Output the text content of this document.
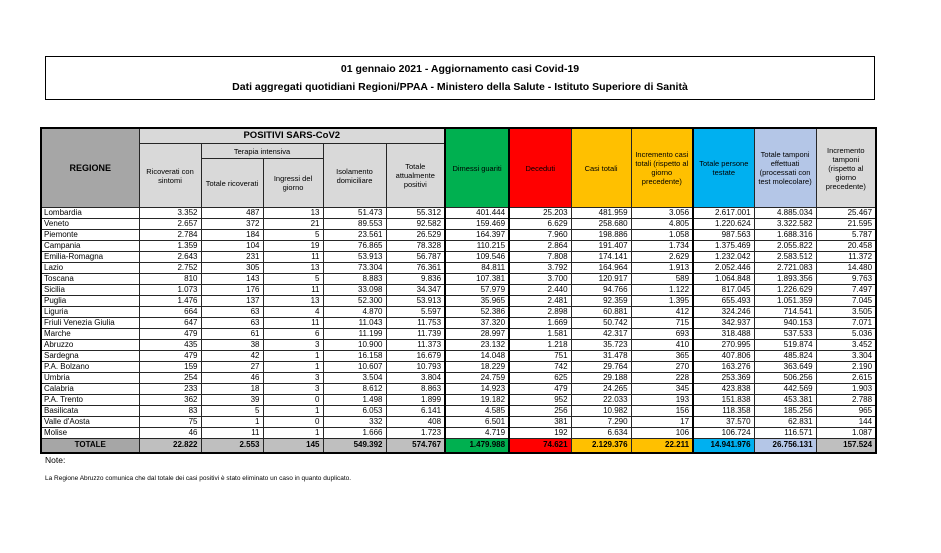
01 gennaio 2021 - Aggiornamento casi Covid-19
Dati aggregati quotidiani Regioni/PPAA - Ministero della Salute - Istituto Superiore di Sanità
REGIONE	POSITIVI SARS-CoV2					Dimessi guariti	Deceduti	Casi totali	Incremento casi totali (rispetto al giorno precedente)	Totale persone testate	Totale tamponi effettuati (processati con test molecolare)	Incremento tamponi (rispetto al giorno precedente)
	Ricoverati con sintomi	Terapia intensiva		Isolamento domiciliare	Totale attualmente positivi							
		Totale ricoverati	Ingressi del giorno									
Lombardia	3.352	487	13	51.473	55.312	401.444	25.203	481.959	3.056	2.617.001	4.885.034	25.467
Veneto	2.657	372	21	89.553	92.582	159.469	6.629	258.680	4.805	1.220.624	3.322.582	21.595
Piemonte	2.784	184	5	23.561	26.529	164.397	7.960	198.886	1.058	987.563	1.688.316	5.787
Campania	1.359	104	19	76.865	78.328	110.215	2.864	191.407	1.734	1.375.469	2.055.822	20.458
Emilia-Romagna	2.643	231	11	53.913	56.787	109.546	7.808	174.141	2.629	1.232.042	2.583.512	11.372
Lazio	2.752	305	13	73.304	76.361	84.811	3.792	164.964	1.913	2.052.446	2.721.083	14.480
Toscana	810	143	5	8.883	9.836	107.381	3.700	120.917	589	1.064.848	1.893.356	9.763
Sicilia	1.073	176	11	33.098	34.347	57.979	2.440	94.766	1.122	817.045	1.226.629	7.497
Puglia	1.476	137	13	52.300	53.913	35.965	2.481	92.359	1.395	655.493	1.051.359	7.045
Liguria	664	63	4	4.870	5.597	52.386	2.898	60.881	412	324.246	714.541	3.505
Friuli Venezia Giulia	647	63	11	11.043	11.753	37.320	1.669	50.742	715	342.937	940.153	7.071
Marche	479	61	6	11.199	11.739	28.997	1.581	42.317	693	318.488	537.533	5.036
Abruzzo	435	38	3	10.900	11.373	23.132	1.218	35.723	410	270.995	519.874	3.452
Sardegna	479	42	1	16.158	16.679	14.048	751	31.478	365	407.806	485.824	3.304
P.A. Bolzano	159	27	1	10.607	10.793	18.229	742	29.764	270	163.276	363.649	2.190
Umbria	254	46	3	3.504	3.804	24.759	625	29.188	228	253.369	506.256	2.615
Calabria	233	18	3	8.612	8.863	14.923	479	24.265	345	423.838	442.569	1.903
P.A. Trento	362	39	0	1.498	1.899	19.182	952	22.033	193	151.838	453.381	2.788
Basilicata	83	5	1	6.053	6.141	4.585	256	10.982	156	118.358	185.256	965
Valle d'Aosta	75	1	0	332	408	6.501	381	7.290	17	37.570	62.831	144
Molise	46	11	1	1.666	1.723	4.719	192	6.634	106	106.724	116.571	1.087
TOTALE	22.822	2.553	145	549.392	574.767	1.479.988	74.621	2.129.376	22.211	14.941.976	26.756.131	157.524
Note:
La Regione Abruzzo comunica che dal totale dei casi positivi è stato eliminato un caso in quanto duplicato.
